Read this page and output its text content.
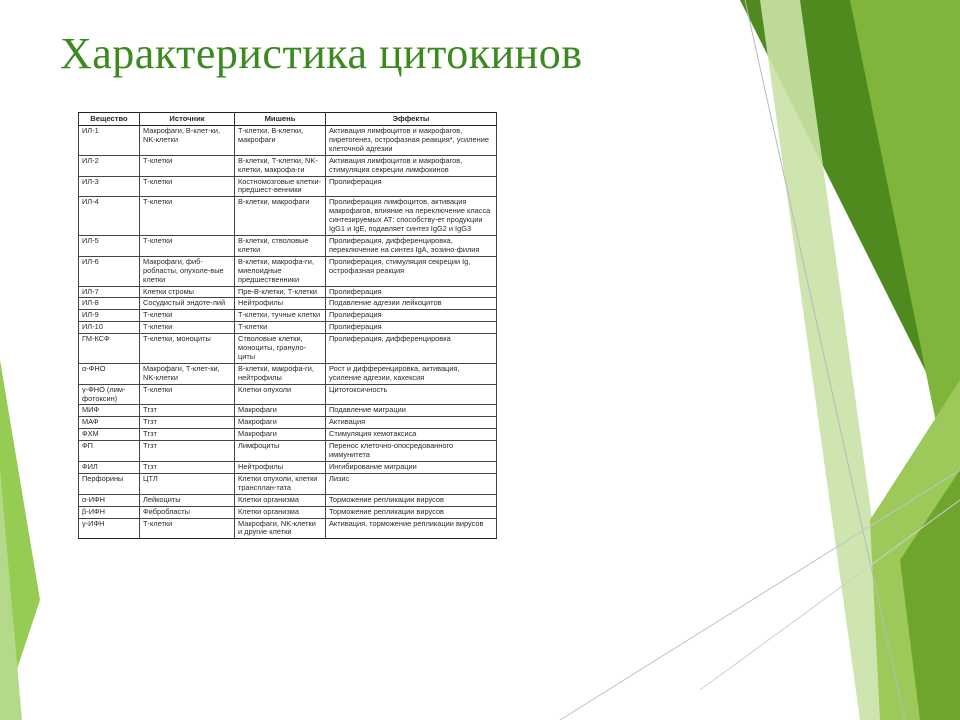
Характеристика цитокинов
Вещество	Источник	Мишень	Эффекты
ИЛ-1	Макрофаги, В-клет-ки, NK-клетки	Т-клетки, В-клетки, макрофаги	Активация лимфоцитов и макрофагов, пиретогенез, острофазная реакция*, усиление клеточной адгезии
ИЛ-2	Т-клетки	В-клетки, Т-клетки, NK-клетки, макрофа-ги	Активация лимфоцитов и макрофагов, стимуляция секреции лимфокинов
ИЛ-3	Т-клетки	Костномозговые клетки-предшест-венники	Пролиферация
ИЛ-4	Т-клетки	В-клетки, макрофаги	Пролиферация лимфоцитов, активация макрофагов, влияние на переключение класса синтезируемых АТ: способству-ет продукции IgG1 и IgE, подавляет синтез IgG2 и IgG3
ИЛ-5	Т-клетки	В-клетки, стволовые клетки	Пролиферация, дифференцировка, переключение на синтез IgA, эозино-филия
ИЛ-6	Макрофаги, фиб-робласты, опухоле-вые клетки	В-клетки, макрофа-ги, миелоидные предшественники	Пролиферация, стимуляция секреции Ig, острофазная реакция
ИЛ-7	Клетки стромы	Пре-В-клетки, Т-клетки	Пролиферация
ИЛ-8	Сосудистый эндоте-лий	Нейтрофилы	Подавление адгезии лейкоцитов
ИЛ-9	Т-клетки	Т-клетки, тучные клетки	Пролиферация
ИЛ-10	Т-клетки	Т-клетки	Пролиферация
ГМ-КСФ	Т-клетки, моноциты	Стволовые клетки, моноциты, грануло-циты	Пролиферация, дифференцировка
α-ФНО	Макрофаги, Т-клет-ки, NK-клетки	В-клетки, макрофа-ги, нейтрофилы	Рост и дифференцировка, активация, усиление адгезии, кахексия
γ-ФНО (лим-фотоксин)	Т-клетки	Клетки опухоли	Цитотоксичность
МИФ	Тгзт	Макрофаги	Подавление миграции
МАФ	Тгзт	Макрофаги	Активация
ФХМ	Тгзт	Макрофаги	Стимуляция хемотаксиса
ФП	Тгзт	Лимфоциты	Перенос клеточно-опосредованного иммунитета
ФИЛ	Тгзт	Нейтрофилы	Ингибирование миграции
Перфорины	ЦТЛ	Клетки опухоли, клетки трансплан-тата	Лизис
α-ИФН	Лейкоциты	Клетки организма	Торможение репликации вирусов
β-ИФН	Фибробласты	Клетки организма	Торможение репликации вирусов
γ-ИФН	Т-клетки	Макрофаги, NK-клетки и другие клетки	Активация, торможение репликации вирусов
